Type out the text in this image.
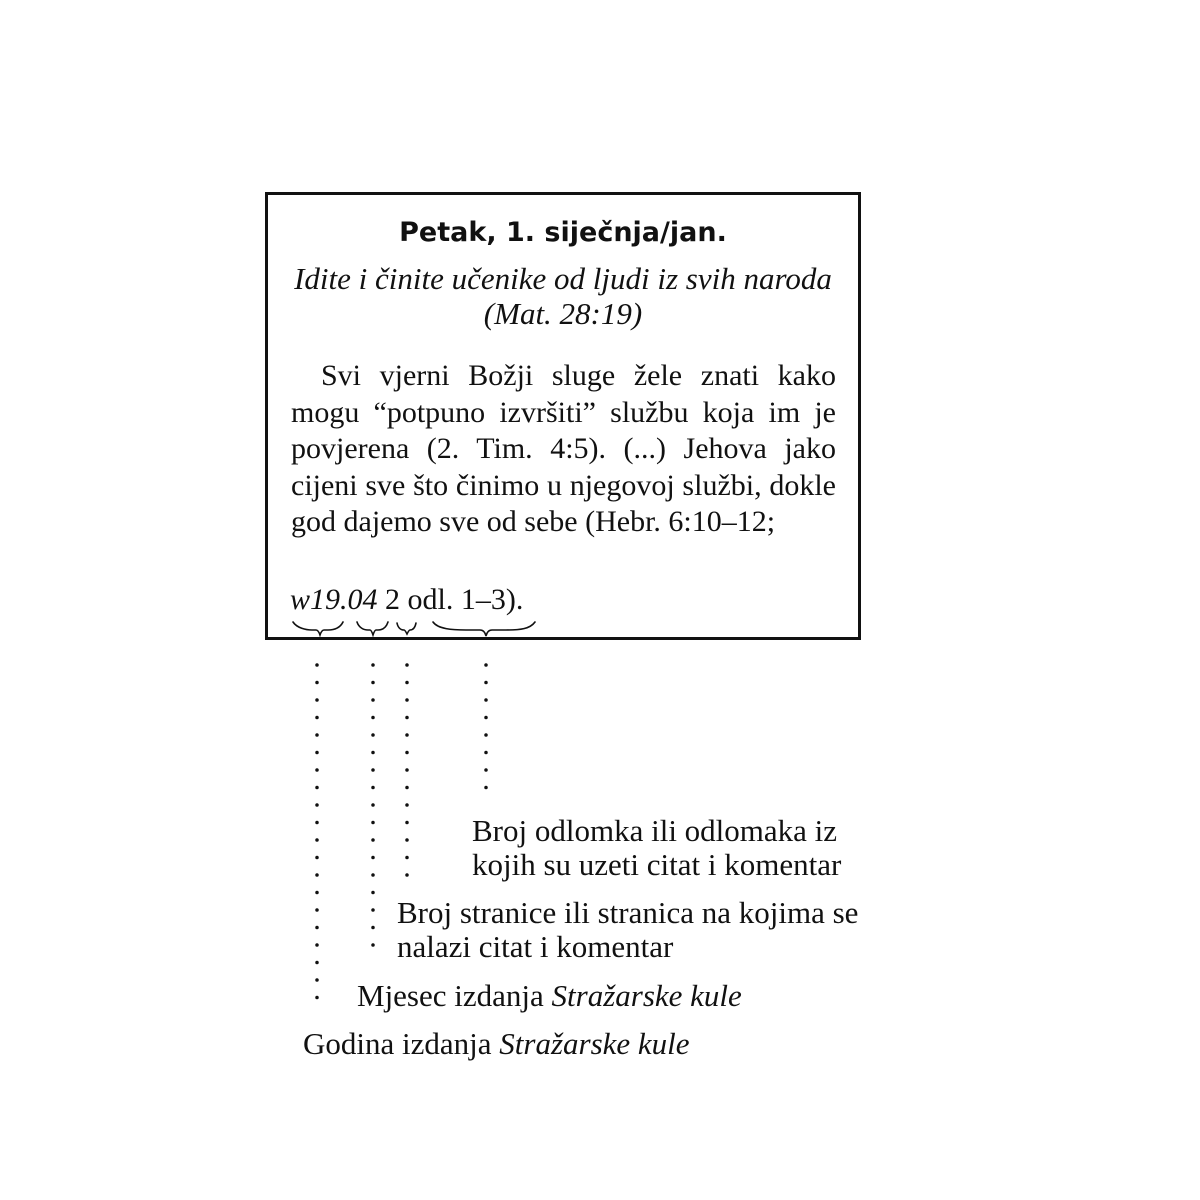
Petak, 1. siječnja/jan.
Idite i činite učenike od ljudi iz svih naroda (Mat. 28:19)
Svi vjerni Božji sluge žele znati kako mogu “potpuno izvršiti” službu koja im je povjerena (2. Tim. 4:5). (...) Jehova jako cijeni sve što činimo u njegovoj službi, dokle god dajemo sve od sebe (Hebr. 6:10–12;
w19.04 2 odl. 1–3).
Broj odlomka ili odlomaka iz
kojih su uzeti citat i komentar
Broj stranice ili stranica na kojima se
nalazi citat i komentar
Mjesec izdanja Stražarske kule
Godina izdanja Stražarske kule
